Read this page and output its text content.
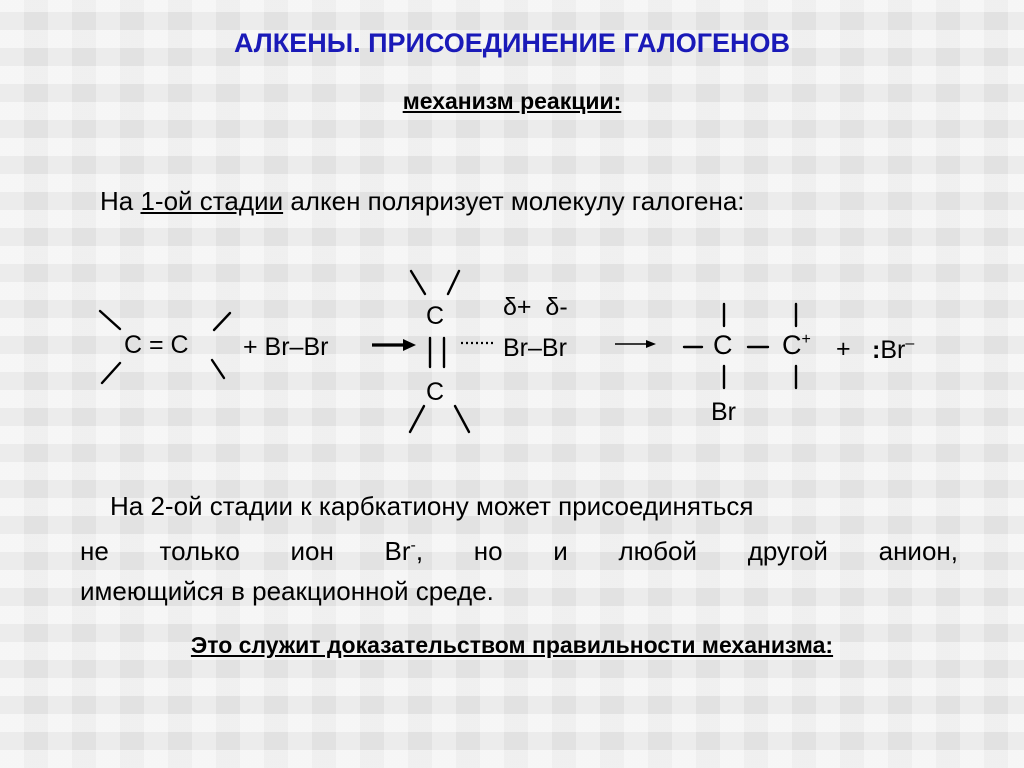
АЛКЕНЫ. ПРИСОЕДИНЕНИЕ ГАЛОГЕНОВ
механизм реакции:
На 1-ой стадии алкен поляризует молекулу галогена:
C = C + Br–Br
C
C
δ+  δ-
Br–Br	C C+
Br
+ :Br–
На 2-ой стадии к карбкатиону может присоединяться
не только ион Br-, но и любой другой анион,
имеющийся в реакционной среде.
Это служит доказательством правильности механизма:
